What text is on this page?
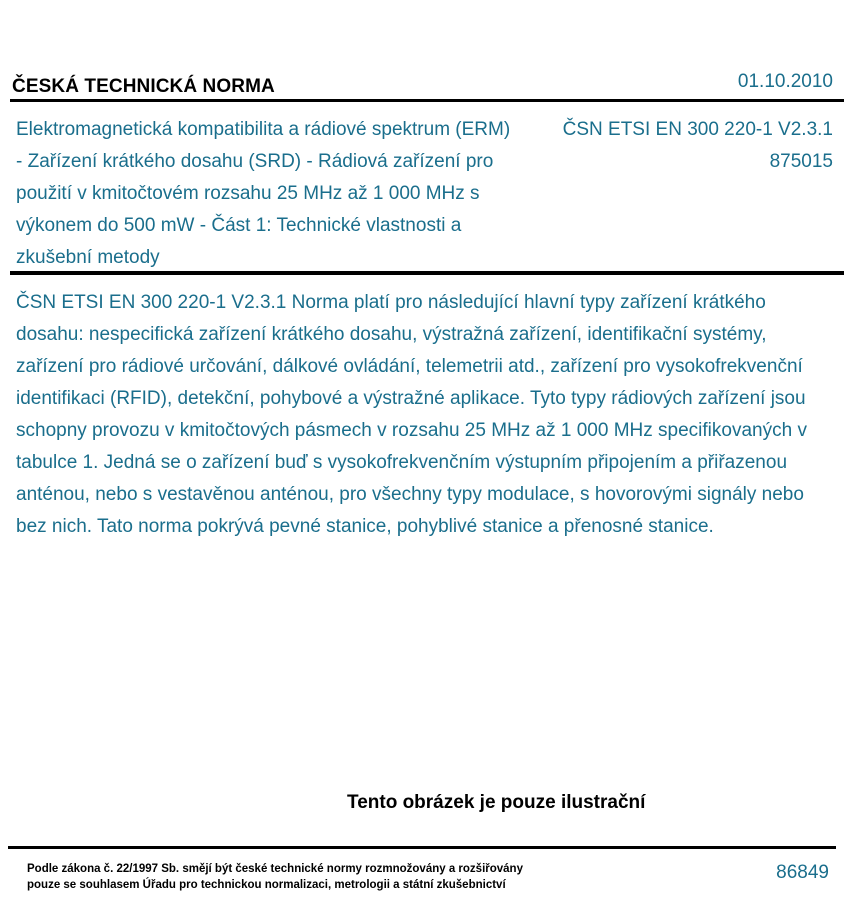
ČESKÁ TECHNICKÁ NORMA	01.10.2010
Elektromagnetická kompatibilita a rádiové spektrum (ERM) - Zařízení krátkého dosahu (SRD) - Rádiová zařízení pro použití v kmitočtovém rozsahu 25 MHz až 1 000 MHz s výkonem do 500 mW - Část 1: Technické vlastnosti a zkušební metody
ČSN ETSI EN 300 220-1 V2.3.1
875015
ČSN ETSI EN 300 220-1 V2.3.1 Norma platí pro následující hlavní typy zařízení krátkého dosahu: nespecifická zařízení krátkého dosahu, výstražná zařízení, identifikační systémy, zařízení pro rádiové určování, dálkové ovládání, telemetrii atd., zařízení pro vysokofrekvenční identifikaci (RFID), detekční, pohybové a výstražné aplikace. Tyto typy rádiových zařízení jsou schopny provozu v kmitočtových pásmech v rozsahu 25 MHz až 1 000 MHz specifikovaných v tabulce 1. Jedná se o zařízení buď s vysokofrekvenčním výstupním připojením a přiřazenou anténou, nebo s vestavěnou anténou, pro všechny typy modulace, s hovorovými signály nebo bez nich. Tato norma pokrývá pevné stanice, pohyblivé stanice a přenosné stanice.
Tento obrázek je pouze ilustrační
Podle zákona č. 22/1997 Sb. smějí být české technické normy rozmnožovány a rozšiřovány
pouze se souhlasem Úřadu pro technickou normalizaci, metrologii a státní zkušebnictví
86849
